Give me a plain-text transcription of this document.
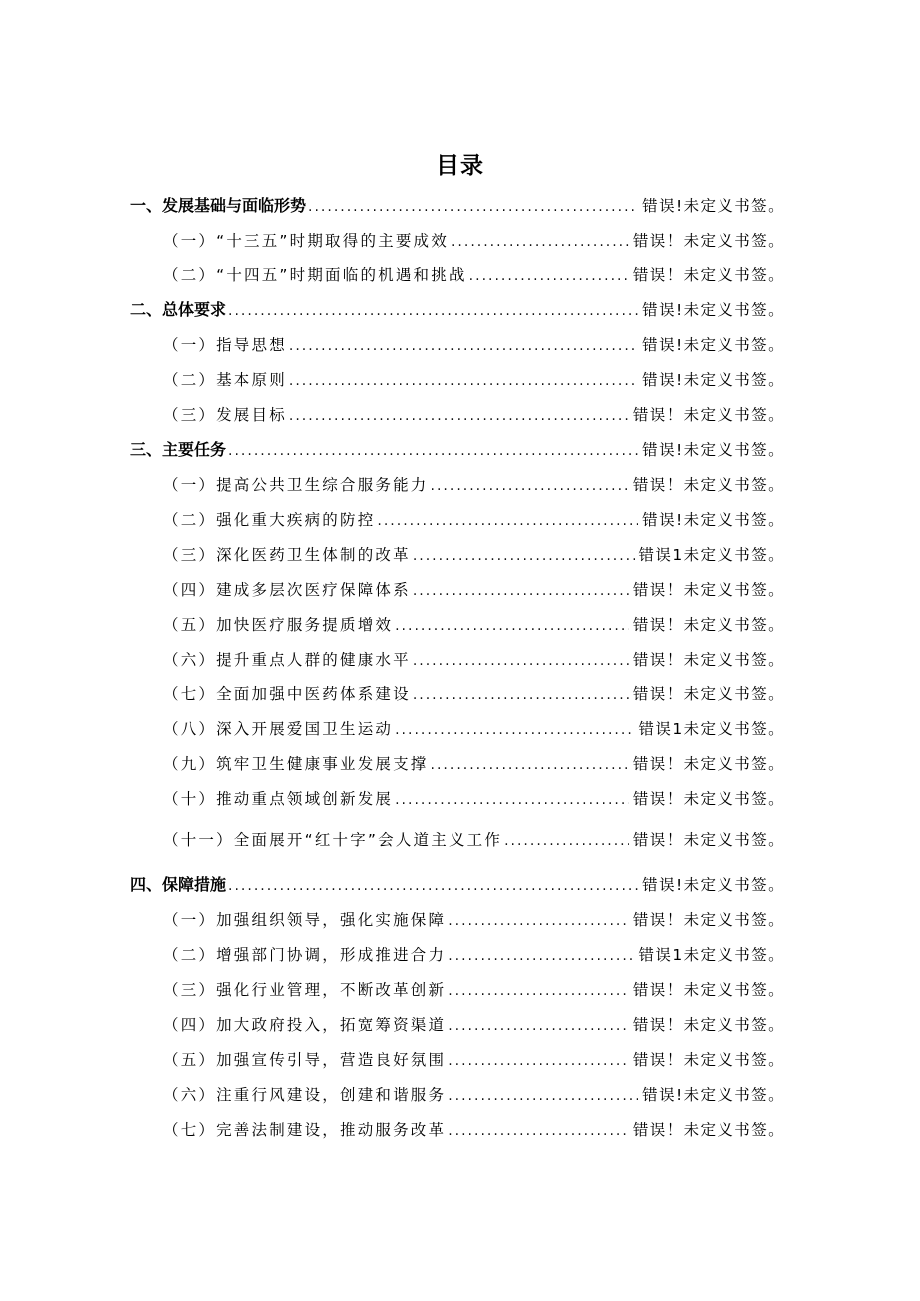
目录
一、发展基础与面临形势 .....	错误!未定义书签。
（一）“十三五”时期取得的主要成效 .....	错误！未定义书签。
（二）“十四五”时期面临的机遇和挑战 .....	错误！未定义书签。
二、总体要求 .....	错误!未定义书签。
（一）指导思想 .....	错误!未定义书签。
（二）基本原则 .....	错误!未定义书签。
（三）发展目标 .....	错误！未定义书签。
三、主要任务 .....	错误!未定义书签。
（一）提高公共卫生综合服务能力 .....	错误！未定义书签。
（二）强化重大疾病的防控 .....	错误!未定义书签。
（三）深化医药卫生体制的改革 .....	错误1未定义书签。
（四）建成多层次医疗保障体系 .....	错误！未定义书签。
（五）加快医疗服务提质增效 .....	错误！未定义书签。
（六）提升重点人群的健康水平 .....	错误！未定义书签。
（七）全面加强中医药体系建设 .....	错误！未定义书签。
（八）深入开展爱国卫生运动 .....	错误1未定义书签。
（九）筑牢卫生健康事业发展支撑 .....	错误！未定义书签。
（十）推动重点领域创新发展 .....	错误！未定义书签。
（十一）全面展开“红十字”会人道主义工作 .....	错误！未定义书签。
四、保障措施 .....	错误!未定义书签。
（一）加强组织领导，强化实施保障 .....	错误！未定义书签。
（二）增强部门协调，形成推进合力 .....	错误1未定义书签。
（三）强化行业管理，不断改革创新 .....	错误！未定义书签。
（四）加大政府投入，拓宽筹资渠道 .....	错误！未定义书签。
（五）加强宣传引导，营造良好氛围 .....	错误！未定义书签。
（六）注重行风建设，创建和谐服务 .....	错误!未定义书签。
（七）完善法制建设，推动服务改革 .....	错误！未定义书签。
